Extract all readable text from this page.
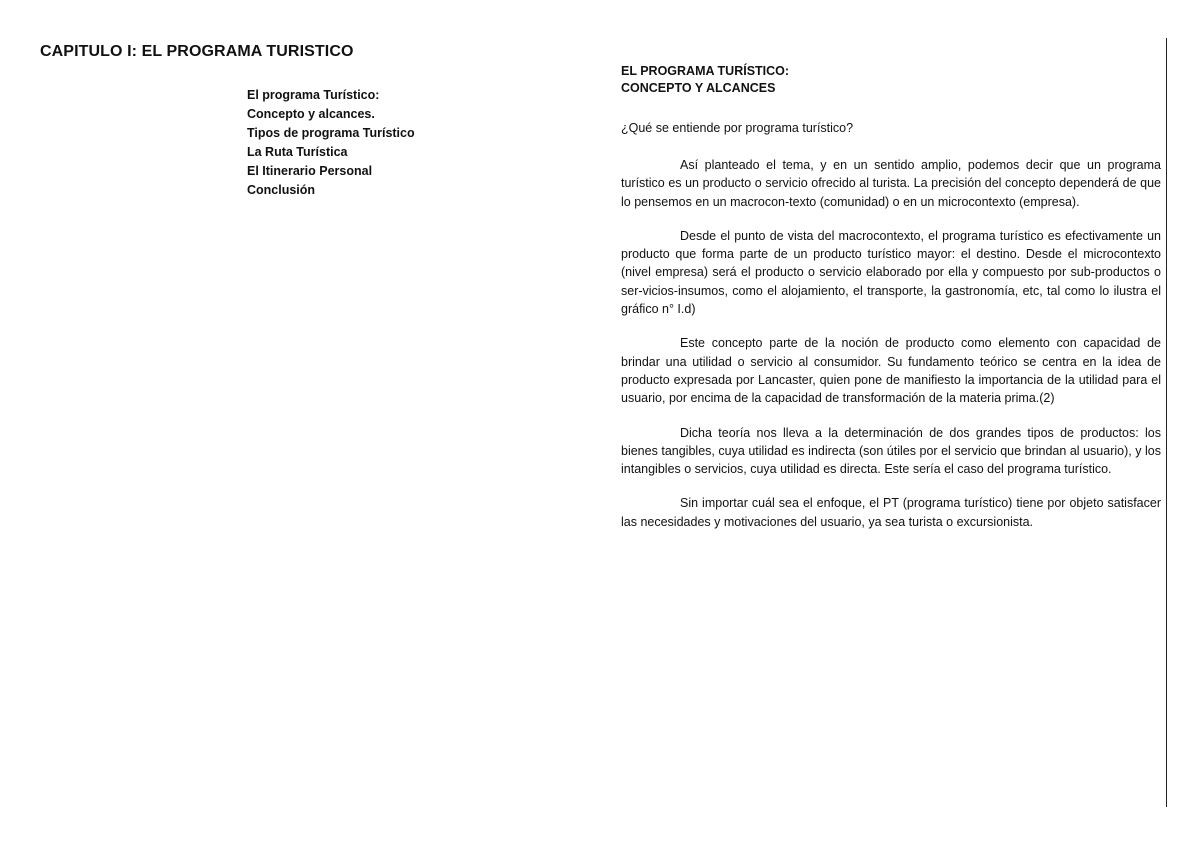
CAPITULO I: EL PROGRAMA TURISTICO
El programa Turístico:
Concepto y alcances.
Tipos de programa Turístico
La Ruta Turística
El Itinerario Personal
Conclusión
EL PROGRAMA TURÍSTICO:
CONCEPTO Y ALCANCES

¿Qué se entiende por programa turístico?

Así planteado el tema, y en un sentido amplio, podemos decir que un programa turístico es un producto o servicio ofrecido al turista. La precisión del concepto dependerá de que lo pensemos en un macrocon-texto (comunidad) o en un microcontexto (empresa).

Desde el punto de vista del macrocontexto, el programa turístico es efectivamente un producto que forma parte de un producto turístico mayor: el destino. Desde el microcontexto (nivel empresa) será el producto o servicio elaborado por ella y compuesto por sub-productos o ser-vicios-insumos, como el alojamiento, el transporte, la gastronomía, etc, tal como lo ilustra el gráfico n° I.d)

Este concepto parte de la noción de producto como elemento con capacidad de brindar una utilidad o servicio al consumidor. Su fundamento teórico se centra en la idea de producto expresada por Lancaster, quien pone de manifiesto la importancia de la utilidad para el usuario, por encima de la capacidad de transformación de la materia prima.(2)

Dicha teoría nos lleva a la determinación de dos grandes tipos de productos: los bienes tangibles, cuya utilidad es indirecta (son útiles por el servicio que brindan al usuario), y los intangibles o servicios, cuya utilidad es directa. Este sería el caso del programa turístico.

Sin importar cuál sea el enfoque, el PT (programa turístico) tiene por objeto satisfacer las necesidades y motivaciones del usuario, ya sea turista o excursionista.
